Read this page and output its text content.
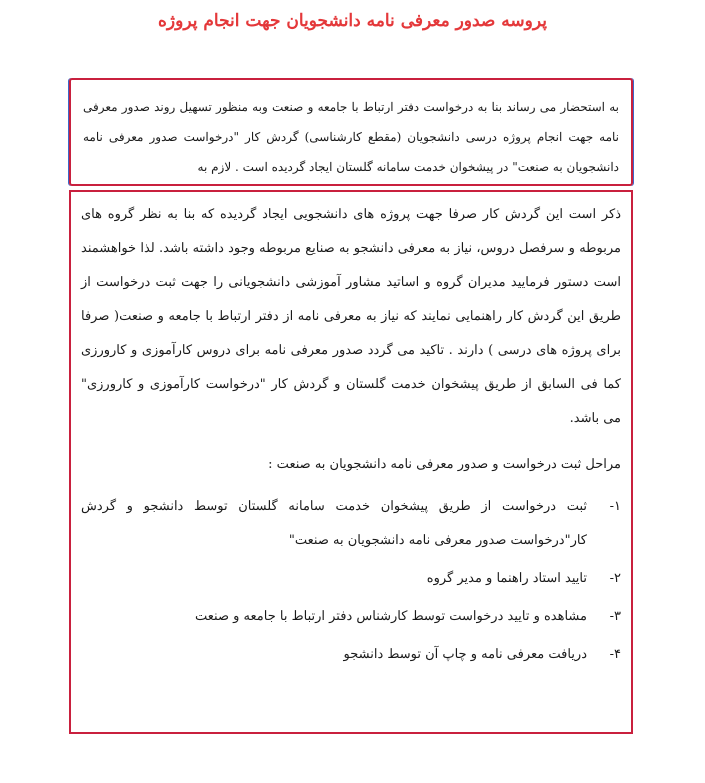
پروسه صدور معرفی نامه دانشجویان جهت انجام پروژه
به استحضار می رساند بنا به درخواست دفتر ارتباط با جامعه و صنعت وبه منظور تسهیل روند صدور معرفی نامه جهت انجام پروژه درسی دانشجویان (مقطع کارشناسی) گردش کار "درخواست صدور معرفی نامه دانشجویان به صنعت" در پیشخوان خدمت سامانه گلستان ایجاد گردیده است . لازم به

ذکر است این گردش کار صرفا جهت پروژه های دانشجویی ایجاد گردیده که بنا به نظر گروه های مربوطه و سرفصل دروس، نیاز به معرفی دانشجو به صنایع مربوطه وجود داشته باشد. لذا خواهشمند است دستور فرمایید مدیران گروه و اساتید مشاور آموزشی دانشجویانی را جهت ثبت درخواست از طریق این گردش کار راهنمایی نمایند که نیاز به معرفی نامه از دفتر ارتباط با جامعه و صنعت( صرفا برای پروژه های درسی ) دارند . تاکید می گردد صدور معرفی نامه برای دروس کارآموزی و کارورزی کما فی السابق از طریق پیشخوان خدمت گلستان و گردش کار "درخواست کارآموزی و کارورزی" می باشد.

مراحل ثبت درخواست و صدور معرفی نامه دانشجویان به صنعت :

۱-
ثبت درخواست از طریق پیشخوان خدمت سامانه گلستان توسط دانشجو و گردش کار"درخواست صدور معرفی نامه دانشجویان به صنعت"
۲-
تایید استاد راهنما و مدیر گروه
۳-
مشاهده و تایید درخواست توسط کارشناس دفتر ارتباط با جامعه و صنعت
۴-
دریافت معرفی نامه و چاپ آن توسط دانشجو
